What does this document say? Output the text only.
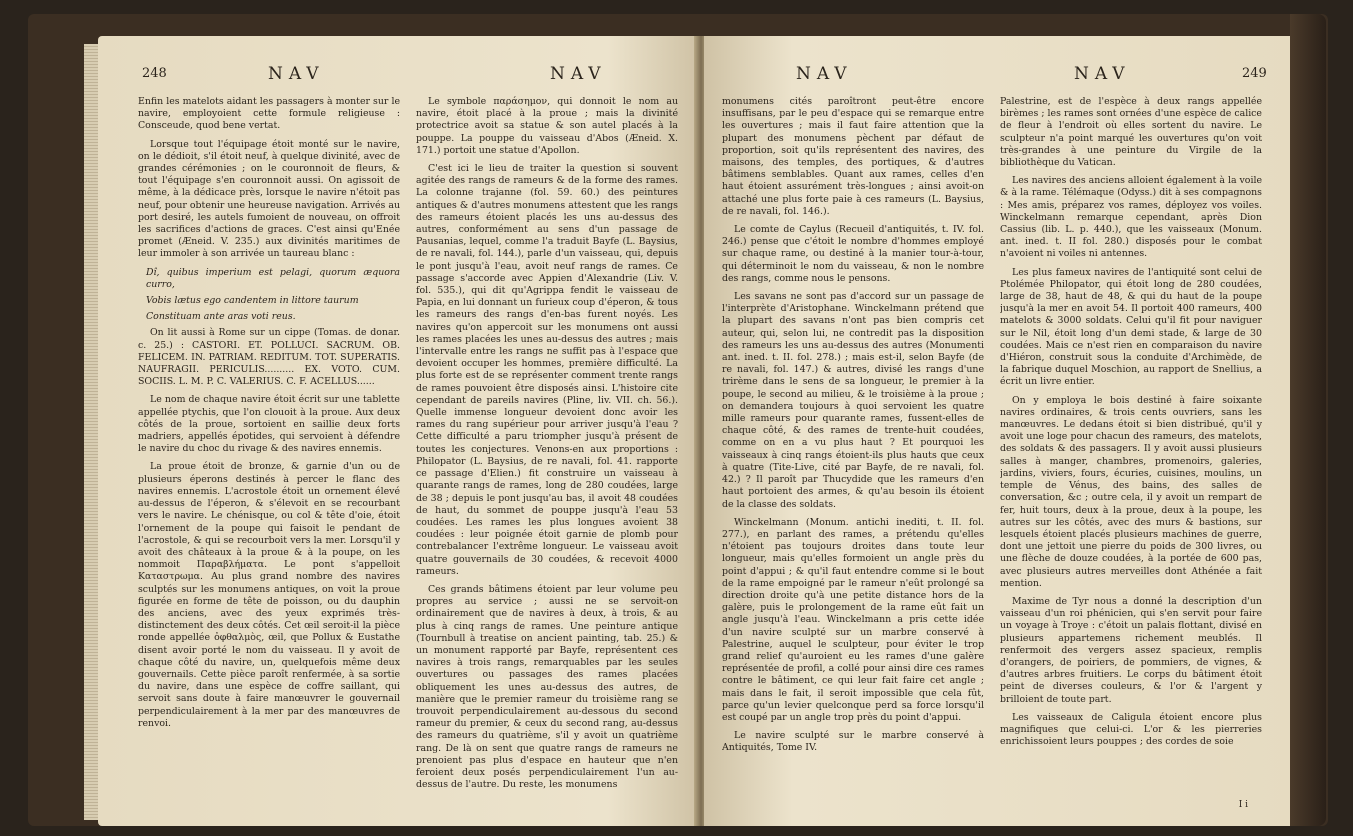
248	NAV	NAV

Enfin les matelots aidant les passagers à monter sur le navire, employoient cette formule religieuse : Consceude, quod bene vertat.

Lorsque tout l'équipage étoit monté sur le navire, on le dédioit, s'il étoit neuf, à quelque divinité, avec de grandes cérémonies ; on le couronnoit de fleurs, & tout l'équipage s'en couronnoit aussi. On agissoit de même, à la dédicace près, lorsque le navire n'étoit pas neuf, pour obtenir une heureuse navigation. Arrivés au port desiré, les autels fumoient de nouveau, on offroit les sacrifices d'actions de graces. C'est ainsi qu'Enée promet (Æneid. V. 235.) aux divinités maritimes de leur immoler à son arrivée un taureau blanc :

Dî, quibus imperium est pelagi, quorum æquora curro,

Vobis lætus ego candentem in littore taurum

Constituam ante aras voti reus.

On lit aussi à Rome sur un cippe (Tomas. de donar. c. 25.) : CASTORI. ET. POLLUCI. SACRUM. OB. FELICEM. IN. PATRIAM. REDITUM. TOT. SUPERATIS. NAUFRAGII. PERICULIS.......... EX. VOTO. CUM. SOCIIS. L. M. P. C. VALERIUS. C. F. ACELLUS......

Le nom de chaque navire étoit écrit sur une tablette appellée ptychis, que l'on clouoit à la proue. Aux deux côtés de la proue, sortoient en saillie deux forts madriers, appellés épotides, qui servoient à défendre le navire du choc du rivage & des navires ennemis.

La proue étoit de bronze, & garnie d'un ou de plusieurs éperons destinés à percer le flanc des navires ennemis. L'acrostole étoit un ornement élevé au-dessus de l'éperon, & s'élevoit en se recourbant vers le navire. Le chénisque, ou col & tête d'oie, étoit l'ornement de la poupe qui faisoit le pendant de l'acrostole, & qui se recourboit vers la mer. Lorsqu'il y avoit des châteaux à la proue & à la poupe, on les nommoit Παραβλήματα. Le pont s'appelloit Καταστρωμα. Au plus grand nombre des navires sculptés sur les monumens antiques, on voit la proue figurée en forme de tête de poisson, ou du dauphin des anciens, avec des yeux exprimés très-distinctement des deux côtés. Cet œil seroit-il la pièce ronde appellée ὀφθαλμὸς, œil, que Pollux & Eustathe disent avoir porté le nom du vaisseau. Il y avoit de chaque côté du navire, un, quelquefois même deux gouvernails. Cette pièce paroît renfermée, à sa sortie du navire, dans une espèce de coffre saillant, qui servoit sans doute à faire manœuvrer le gouvernail perpendiculairement à la mer par des manœuvres de renvoi.

Le symbole παράσημον, qui donnoit le nom au navire, étoit placé à la proue ; mais la divinité protectrice avoit sa statue & son autel placés à la pouppe. La pouppe du vaisseau d'Abos (Æneid. X. 171.) portoit une statue d'Apollon.

C'est ici le lieu de traiter la question si souvent agitée des rangs de rameurs & de la forme des rames. La colonne trajanne (fol. 59. 60.) des peintures antiques & d'autres monumens attestent que les rangs des rameurs étoient placés les uns au-dessus des autres, conformément au sens d'un passage de Pausanias, lequel, comme l'a traduit Bayfe (L. Baysius, de re navali, fol. 144.), parle d'un vaisseau, qui, depuis le pont jusqu'à l'eau, avoit neuf rangs de rames. Ce passage s'accorde avec Appien d'Alexandrie (Liv. V. fol. 535.), qui dit qu'Agrippa fendit le vaisseau de Papia, en lui donnant un furieux coup d'éperon, & tous les rameurs des rangs d'en-bas furent noyés. Les navires qu'on appercoit sur les monumens ont aussi les rames placées les unes au-dessus des autres ; mais l'intervalle entre les rangs ne suffit pas à l'espace que devoient occuper les hommes, première difficulté. La plus forte est de se représenter comment trente rangs de rames pouvoient être disposés ainsi. L'histoire cite cependant de pareils navires (Pline, liv. VII. ch. 56.). Quelle immense longueur devoient donc avoir les rames du rang supérieur pour arriver jusqu'à l'eau ? Cette difficulté a paru triompher jusqu'à présent de toutes les conjectures. Venons-en aux proportions : Philopator (L. Baysius, de re navali, fol. 41. rapporte ce passage d'Elien.) fit construire un vaisseau à quarante rangs de rames, long de 280 coudées, large de 38 ; depuis le pont jusqu'au bas, il avoit 48 coudées de haut, du sommet de pouppe jusqu'à l'eau 53 coudées. Les rames les plus longues avoient 38 coudées : leur poignée étoit garnie de plomb pour contrebalancer l'extrême longueur. Le vaisseau avoit quatre gouvernails de 30 coudées, & recevoit 4000 rameurs.

Ces grands bâtimens étoient par leur volume peu propres au service ; aussi ne se servoit-on ordinairement que de navires à deux, à trois, & au plus à cinq rangs de rames. Une peinture antique (Tournbull à treatise on ancient painting, tab. 25.) & un monument rapporté par Bayfe, représentent ces navires à trois rangs, remarquables par les seules ouvertures ou passages des rames placées obliquement les unes au-dessus des autres, de manière que le premier rameur du troisième rang se trouvoit perpendiculairement au-dessous du second rameur du premier, & ceux du second rang, au-dessus des rameurs du quatrième, s'il y avoit un quatrième rang. De là on sent que quatre rangs de rameurs ne prenoient pas plus d'espace en hauteur que n'en feroient deux posés perpendiculairement l'un au-dessus de l'autre. Du reste, les monumens

NAV	NAV	249

monumens cités paroîtront peut-être encore insuffisans, par le peu d'espace qui se remarque entre les ouvertures ; mais il faut faire attention que la plupart des monumens pèchent par défaut de proportion, soit qu'ils représentent des navires, des maisons, des temples, des portiques, & d'autres bâtimens semblables. Quant aux rames, celles d'en haut étoient assurément très-longues ; ainsi avoit-on attaché une plus forte paie à ces rameurs (L. Baysius, de re navali, fol. 146.).

Le comte de Caylus (Recueil d'antiquités, t. IV. fol. 246.) pense que c'étoit le nombre d'hommes employé sur chaque rame, ou destiné à la manier tour-à-tour, qui déterminoit le nom du vaisseau, & non le nombre des rangs, comme nous le pensons.

Les savans ne sont pas d'accord sur un passage de l'interprète d'Aristophane. Winckelmann prétend que la plupart des savans n'ont pas bien compris cet auteur, qui, selon lui, ne contredit pas la disposition des rameurs les uns au-dessus des autres (Monumenti ant. ined. t. II. fol. 278.) ; mais est-il, selon Bayfe (de re navali, fol. 147.) & autres, divisé les rangs d'une trirème dans le sens de sa longueur, le premier à la poupe, le second au milieu, & le troisième à la proue ; on demandera toujours à quoi servoient les quatre mille rameurs pour quarante rames, fussent-elles de chaque côté, & des rames de trente-huit coudées, comme on en a vu plus haut ? Et pourquoi les vaisseaux à cinq rangs étoient-ils plus hauts que ceux à quatre (Tite-Live, cité par Bayfe, de re navali, fol. 42.) ? Il paroît par Thucydide que les rameurs d'en haut portoient des armes, & qu'au besoin ils étoient de la classe des soldats.

Winckelmann (Monum. antichi inediti, t. II. fol. 277.), en parlant des rames, a prétendu qu'elles n'étoient pas toujours droites dans toute leur longueur, mais qu'elles formoient un angle près du point d'appui ; & qu'il faut entendre comme si le bout de la rame empoigné par le rameur n'eût prolongé sa direction droite qu'à une petite distance hors de la galère, puis le prolongement de la rame eût fait un angle jusqu'à l'eau. Winckelmann a pris cette idée d'un navire sculpté sur un marbre conservé à Palestrine, auquel le sculpteur, pour éviter le trop grand relief qu'auroient eu les rames d'une galère représentée de profil, a collé pour ainsi dire ces rames contre le bâtiment, ce qui leur fait faire cet angle ; mais dans le fait, il seroit impossible que cela fût, parce qu'un levier quelconque perd sa force lorsqu'il est coupé par un angle trop près du point d'appui.

Le navire sculpté sur le marbre conservé à Antiquités, Tome IV.

Palestrine, est de l'espèce à deux rangs appellée birèmes ; les rames sont ornées d'une espèce de calice de fleur à l'endroit où elles sortent du navire. Le sculpteur n'a point marqué les ouvertures qu'on voit très-grandes à une peinture du Virgile de la bibliothèque du Vatican.

Les navires des anciens alloient également à la voile & à la rame. Télémaque (Odyss.) dit à ses compagnons : Mes amis, préparez vos rames, déployez vos voiles. Winckelmann remarque cependant, après Dion Cassius (lib. L. p. 440.), que les vaisseaux (Monum. ant. ined. t. II fol. 280.) disposés pour le combat n'avoient ni voiles ni antennes.

Les plus fameux navires de l'antiquité sont celui de Ptolémée Philopator, qui étoit long de 280 coudées, large de 38, haut de 48, & qui du haut de la poupe jusqu'à la mer en avoit 54. Il portoit 400 rameurs, 400 matelots & 3000 soldats. Celui qu'il fit pour naviguer sur le Nil, étoit long d'un demi stade, & large de 30 coudées. Mais ce n'est rien en comparaison du navire d'Hiéron, construit sous la conduite d'Archimède, de la fabrique duquel Moschion, au rapport de Snellius, a écrit un livre entier.

On y employa le bois destiné à faire soixante navires ordinaires, & trois cents ouvriers, sans les manœuvres. Le dedans étoit si bien distribué, qu'il y avoit une loge pour chacun des rameurs, des matelots, des soldats & des passagers. Il y avoit aussi plusieurs salles à manger, chambres, promenoirs, galeries, jardins, viviers, fours, écuries, cuisines, moulins, un temple de Vénus, des bains, des salles de conversation, &c ; outre cela, il y avoit un rempart de fer, huit tours, deux à la proue, deux à la poupe, les autres sur les côtés, avec des murs & bastions, sur lesquels étoient placés plusieurs machines de guerre, dont une jettoit une pierre du poids de 300 livres, ou une flèche de douze coudées, à la portée de 600 pas, avec plusieurs autres merveilles dont Athénée a fait mention.

Maxime de Tyr nous a donné la description d'un vaisseau d'un roi phénicien, qui s'en servit pour faire un voyage à Troye : c'étoit un palais flottant, divisé en plusieurs appartemens richement meublés. Il renfermoit des vergers assez spacieux, remplis d'orangers, de poiriers, de pommiers, de vignes, & d'autres arbres fruitiers. Le corps du bâtiment étoit peint de diverses couleurs, & l'or & l'argent y brilloient de toute part.

Les vaisseaux de Caligula étoient encore plus magnifiques que celui-ci. L'or & les pierreries enrichissoient leurs pouppes ; des cordes de soie

I i
